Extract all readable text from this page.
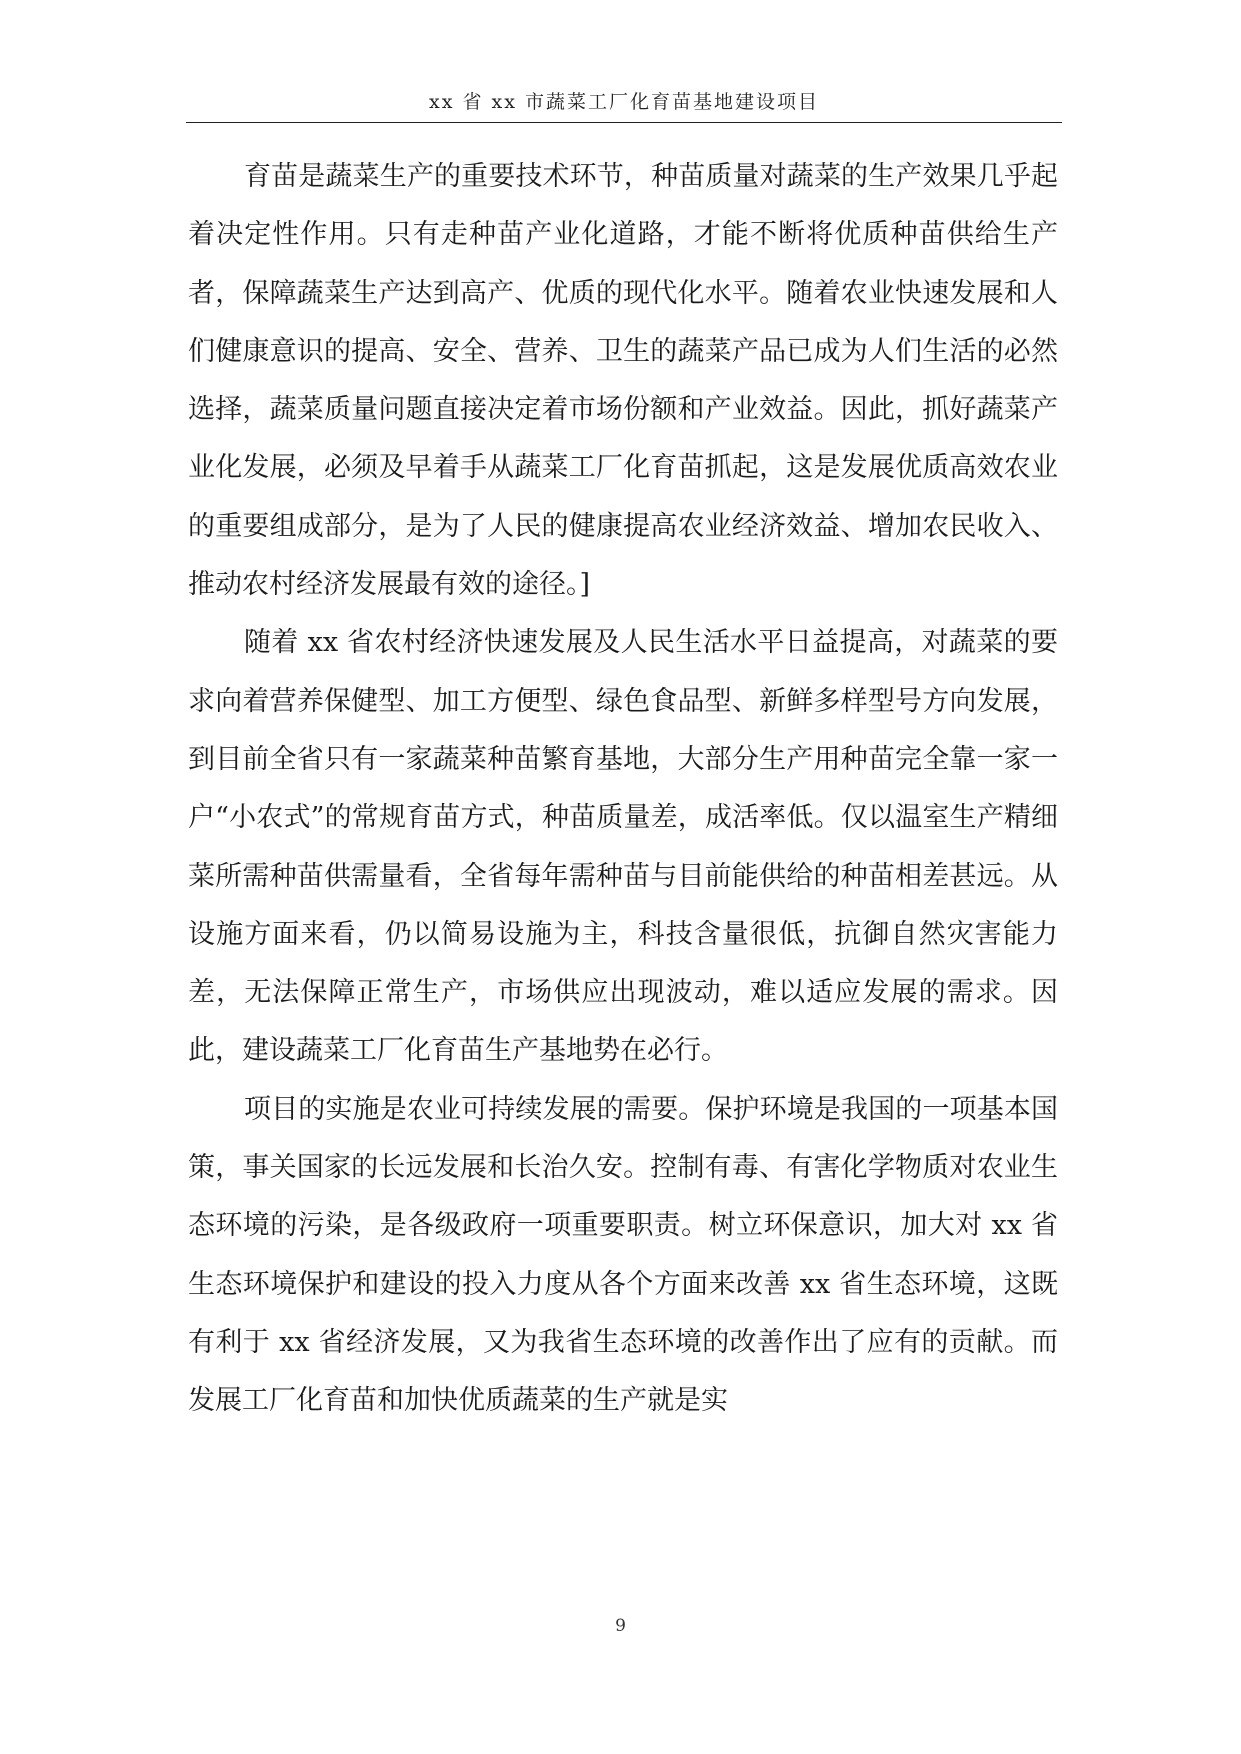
xx 省 xx 市蔬菜工厂化育苗基地建设项目

育苗是蔬菜生产的重要技术环节，种苗质量对蔬菜的生产效果几乎起着决定性作用。只有走种苗产业化道路，才能不断将优质种苗供给生产者，保障蔬菜生产达到高产、优质的现代化水平。随着农业快速发展和人们健康意识的提高、安全、营养、卫生的蔬菜产品已成为人们生活的必然选择，蔬菜质量问题直接决定着市场份额和产业效益。因此，抓好蔬菜产业化发展，必须及早着手从蔬菜工厂化育苗抓起，这是发展优质高效农业的重要组成部分，是为了人民的健康提高农业经济效益、增加农民收入、推动农村经济发展最有效的途径。]

随着 xx 省农村经济快速发展及人民生活水平日益提高，对蔬菜的要求向着营养保健型、加工方便型、绿色食品型、新鲜多样型号方向发展，到目前全省只有一家蔬菜种苗繁育基地，大部分生产用种苗完全靠一家一户“小农式”的常规育苗方式，种苗质量差，成活率低。仅以温室生产精细菜所需种苗供需量看，全省每年需种苗与目前能供给的种苗相差甚远。从设施方面来看，仍以简易设施为主，科技含量很低，抗御自然灾害能力差，无法保障正常生产，市场供应出现波动，难以适应发展的需求。因此，建设蔬菜工厂化育苗生产基地势在必行。

项目的实施是农业可持续发展的需要。保护环境是我国的一项基本国策，事关国家的长远发展和长治久安。控制有毒、有害化学物质对农业生态环境的污染，是各级政府一项重要职责。树立环保意识，加大对 xx 省生态环境保护和建设的投入力度从各个方面来改善 xx 省生态环境，这既有利于 xx 省经济发展，又为我省生态环境的改善作出了应有的贡献。而发展工厂化育苗和加快优质蔬菜的生产就是实

9
